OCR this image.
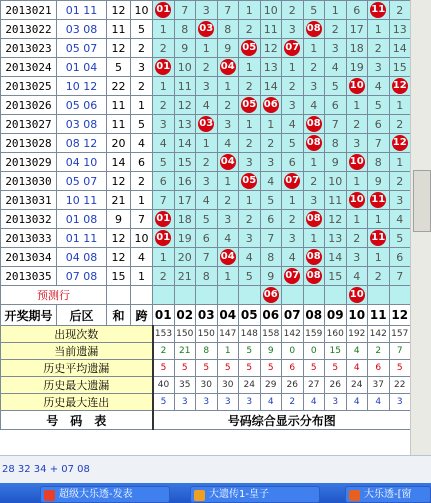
2013021	01 11	12	10	01	7	3	7	1	10	2	5	1	6	11	2
2013022	03 08	11	5	1	8	03	8	2	11	3	08	2	17	1	13
2013023	05 07	12	2	2	9	1	9	05	12	07	1	3	18	2	14
2013024	01 04	5	3	01	10	2	04	1	13	1	2	4	19	3	15
2013025	10 12	22	2	1	11	3	1	2	14	2	3	5	10	4	12
2013026	05 06	11	1	2	12	4	2	05	06	3	4	6	1	5	1
2013027	03 08	11	5	3	13	03	3	1	1	4	08	7	2	6	2
2013028	08 12	20	4	4	14	1	4	2	2	5	08	8	3	7	12
2013029	04 10	14	6	5	15	2	04	3	3	6	1	9	10	8	1
2013030	05 07	12	2	6	16	3	1	05	4	07	2	10	1	9	2
2013031	10 11	21	1	7	17	4	2	1	5	1	3	11	10	11	3
2013032	01 08	9	7	01	18	5	3	2	6	2	08	12	1	1	4
2013033	01 11	12	10	01	19	6	4	3	7	3	1	13	2	11	5
2013034	04 08	12	4	1	20	7	04	4	8	4	08	14	3	1	6
2013035	07 08	15	1	2	21	8	1	5	9	07	08	15	4	2	7
预测行									06				10		
开奖期号	后区	和	跨	01	02	03	04	05	06	07	08	09	10	11	12
出现次数				153	150	150	147	148	158	142	159	160	192	142	157
当前遗漏				2	21	8	1	5	9	0	0	15	4	2	7
历史平均遗漏				5	5	5	5	5	5	6	5	5	4	6	5
历史最大遗漏				40	35	30	30	24	29	26	27	26	24	37	22
历史最大连出				5	3	3	3	3	4	2	4	3	4	4	3
号　码　表				号码综合显示分布图											
28 32 34 + 07 08
超级大乐透-发表	大遗传1-皇子	大乐透-[窗
